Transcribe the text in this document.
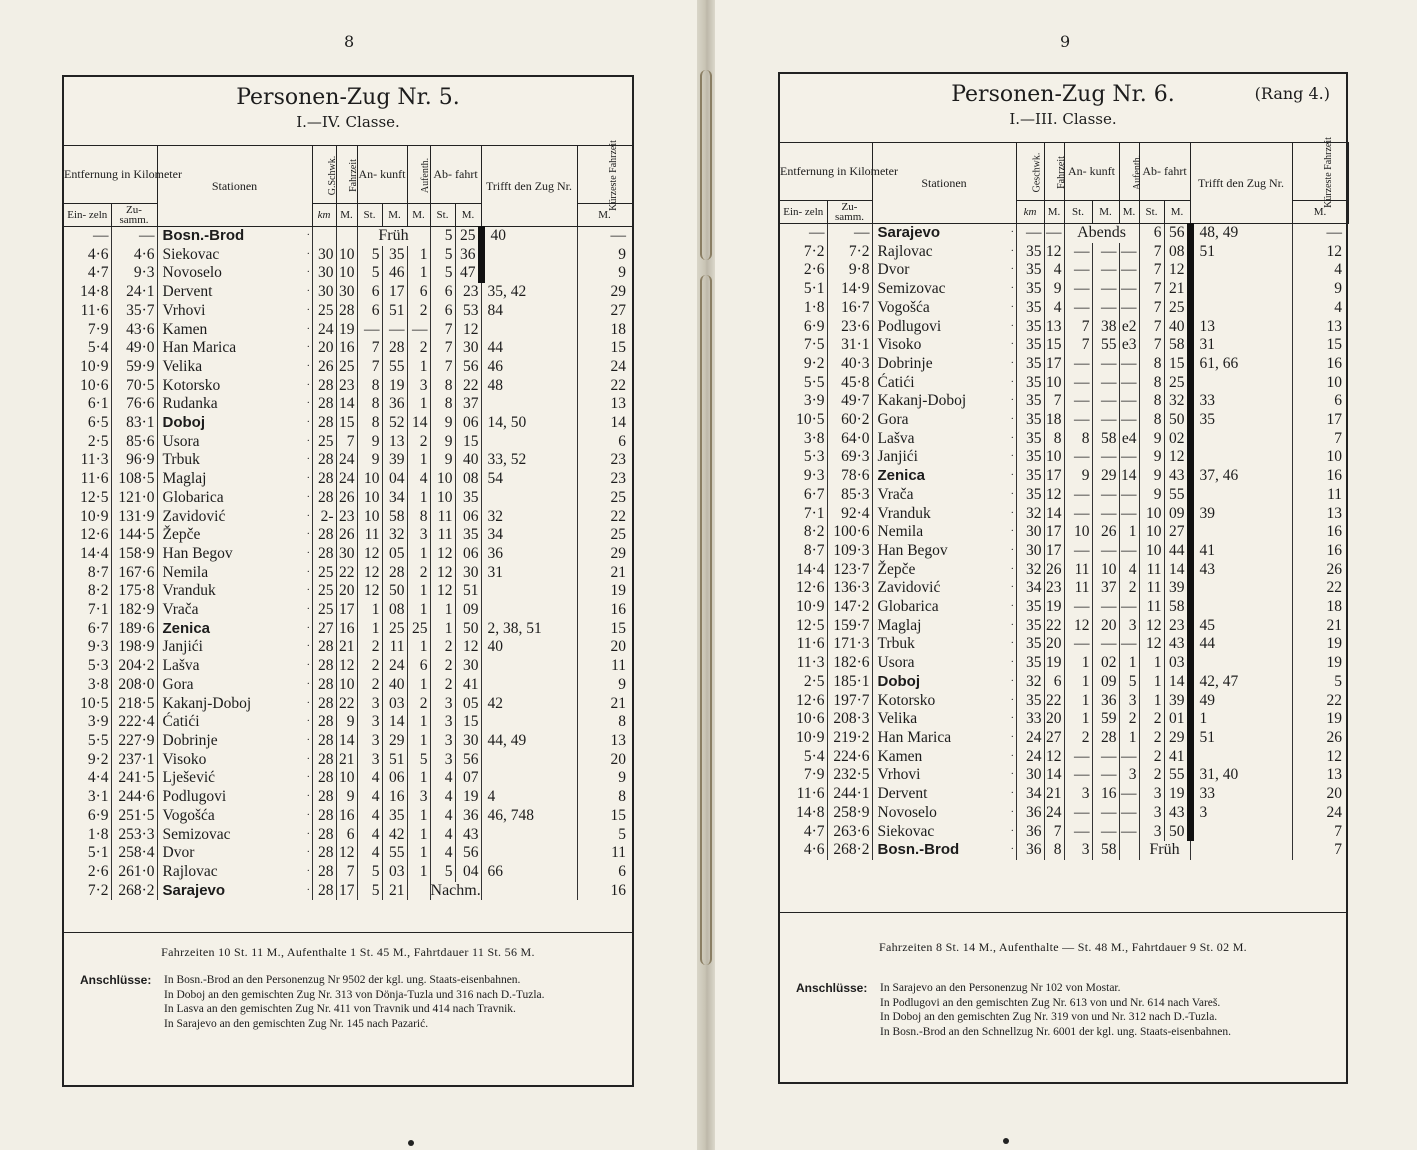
8	9
Personen-Zug Nr. 5.
I.—IV. Classe.
Entfernung in Kilometer		Stationen		G.Schwk.	Fahrzeit	An- kunft		Aufenth.	Ab- fahrt		Trifft den Zug Nr.	Kürzeste Fahrzeit
Ein- zeln	Zu- samm.			km	M.	St.	M.	M.	St.	M.		M.
—	—	Bosn.-Brod	·			Früh			5	25	40	—
4·6	4·6	Siekovac	·	30	10	5	35	1	5	36		9
4·7	9·3	Novoselo	·	30	10	5	46	1	5	47		9
14·8	24·1	Dervent	·	30	30	6	17	6	6	23	35, 42	29
11·6	35·7	Vrhovi	·	25	28	6	51	2	6	53	84	27
7·9	43·6	Kamen	·	24	19	—	—	—	7	12		18
5·4	49·0	Han Marica	·	20	16	7	28	2	7	30	44	15
10·9	59·9	Velika	·	26	25	7	55	1	7	56	46	24
10·6	70·5	Kotorsko	·	28	23	8	19	3	8	22	48	22
6·1	76·6	Rudanka	·	28	14	8	36	1	8	37		13
6·5	83·1	Doboj	·	28	15	8	52	14	9	06	14, 50	14
2·5	85·6	Usora	·	25	7	9	13	2	9	15		6
11·3	96·9	Trbuk	·	28	24	9	39	1	9	40	33, 52	23
11·6	108·5	Maglaj	·	28	24	10	04	4	10	08	54	23
12·5	121·0	Globarica	·	28	26	10	34	1	10	35		25
10·9	131·9	Zavidović	·	2-	23	10	58	8	11	06	32	22
12·6	144·5	Žepče	·	28	26	11	32	3	11	35	34	25
14·4	158·9	Han Begov	·	28	30	12	05	1	12	06	36	29
8·7	167·6	Nemila	·	25	22	12	28	2	12	30	31	21
8·2	175·8	Vranduk	·	25	20	12	50	1	12	51		19
7·1	182·9	Vrača	·	25	17	1	08	1	1	09		16
6·7	189·6	Zenica	·	27	16	1	25	25	1	50	2, 38, 51	15
9·3	198·9	Janjići	·	28	21	2	11	1	2	12	40	20
5·3	204·2	Lašva	·	28	12	2	24	6	2	30		11
3·8	208·0	Gora	·	28	10	2	40	1	2	41		9
10·5	218·5	Kakanj-Doboj	·	28	22	3	03	2	3	05	42	21
3·9	222·4	Ćatići	·	28	9	3	14	1	3	15		8
5·5	227·9	Dobrinje	·	28	14	3	29	1	3	30	44, 49	13
9·2	237·1	Visoko	·	28	21	3	51	5	3	56		20
4·4	241·5	Lješević	·	28	10	4	06	1	4	07		9
3·1	244·6	Podlugovi	·	28	9	4	16	3	4	19	4	8
6·9	251·5	Vogošća	·	28	16	4	35	1	4	36	46, 748	15
1·8	253·3	Semizovac	·	28	6	4	42	1	4	43		5
5·1	258·4	Dvor	·	28	12	4	55	1	4	56		11
2·6	261·0	Rajlovac	·	28	7	5	03	1	5	04	66	6
7·2	268·2	Sarajevo	·	28	17	5	21		Nachm.			16
Fahrzeiten 10 St. 11 M., Aufenthalte 1 St. 45 M., Fahrtdauer 11 St. 56 M.
Anschlüsse: In Bosn.-Brod an den Personenzug Nr 9502 der kgl. ung. Staats-eisenbahnen.
In Doboj an den gemischten Zug Nr. 313 von Dönja-Tuzla und 316 nach D.-Tuzla.
In Lasva an den gemischten Zug Nr. 411 von Travnik und 414 nach Travnik.
In Sarajevo an den gemischten Zug Nr. 145 nach Pazarić.
Personen-Zug Nr. 6.	(Rang 4.)
I.—III. Classe.
Entfernung in Kilometer		Stationen		Geschwk.	Fahrzeit	An- kunft		Aufenth.	Ab- fahrt		Trifft den Zug Nr.	Kürzeste Fahrzeit
Ein- zeln	Zu- samm.			km	M.	St.	M.	M.	St.	M.		M.
—	—	Sarajevo	·	—	—	Abends			6	56	48, 49	—
7·2	7·2	Rajlovac	·	35	12	—	—	—	7	08	51	12
2·6	9·8	Dvor	·	35	4	—	—	—	7	12		4
5·1	14·9	Semizovac	·	35	9	—	—	—	7	21		9
1·8	16·7	Vogošća	·	35	4	—	—	—	7	25		4
6·9	23·6	Podlugovi	·	35	13	7	38	e2	7	40	13	13
7·5	31·1	Visoko	·	35	15	7	55	e3	7	58	31	15
9·2	40·3	Dobrinje	·	35	17	—	—	—	8	15	61, 66	16
5·5	45·8	Ćatići	·	35	10	—	—	—	8	25		10
3·9	49·7	Kakanj-Doboj	·	35	7	—	—	—	8	32	33	6
10·5	60·2	Gora	·	35	18	—	—	—	8	50	35	17
3·8	64·0	Lašva	·	35	8	8	58	e4	9	02		7
5·3	69·3	Janjići	·	35	10	—	—	—	9	12		10
9·3	78·6	Zenica	·	35	17	9	29	14	9	43	37, 46	16
6·7	85·3	Vrača	·	35	12	—	—	—	9	55		11
7·1	92·4	Vranduk	·	32	14	—	—	—	10	09	39	13
8·2	100·6	Nemila	·	30	17	10	26	1	10	27		16
8·7	109·3	Han Begov	·	30	17	—	—	—	10	44	41	16
14·4	123·7	Žepče	·	32	26	11	10	4	11	14	43	26
12·6	136·3	Zavidović	·	34	23	11	37	2	11	39		22
10·9	147·2	Globarica	·	35	19	—	—	—	11	58		18
12·5	159·7	Maglaj	·	35	22	12	20	3	12	23	45	21
11·6	171·3	Trbuk	·	35	20	—	—	—	12	43	44	19
11·3	182·6	Usora	·	35	19	1	02	1	1	03		19
2·5	185·1	Doboj	·	32	6	1	09	5	1	14	42, 47	5
12·6	197·7	Kotorsko	·	35	22	1	36	3	1	39	49	22
10·6	208·3	Velika	·	33	20	1	59	2	2	01	1	19
10·9	219·2	Han Marica	·	24	27	2	28	1	2	29	51	26
5·4	224·6	Kamen	·	24	12	—	—	—	2	41		12
7·9	232·5	Vrhovi	·	30	14	—	—	3	2	55	31, 40	13
11·6	244·1	Dervent	·	34	21	3	16	—	3	19	33	20
14·8	258·9	Novoselo	·	36	24	—	—	—	3	43	3	24
4·7	263·6	Siekovac	·	36	7	—	—	—	3	50		7
4·6	268·2	Bosn.-Brod	·	36	8	3	58		Früh			7
Fahrzeiten 8 St. 14 M., Aufenthalte — St. 48 M., Fahrtdauer 9 St. 02 M.
Anschlüsse: In Sarajevo an den Personenzug Nr 102 von Mostar.
In Podlugovi an den gemischten Zug Nr. 613 von und Nr. 614 nach Vareš.
In Doboj an den gemischten Zug Nr. 319 von und Nr. 312 nach D.-Tuzla.
In Bosn.-Brod an den Schnellzug Nr. 6001 der kgl. ung. Staats-eisenbahnen.
